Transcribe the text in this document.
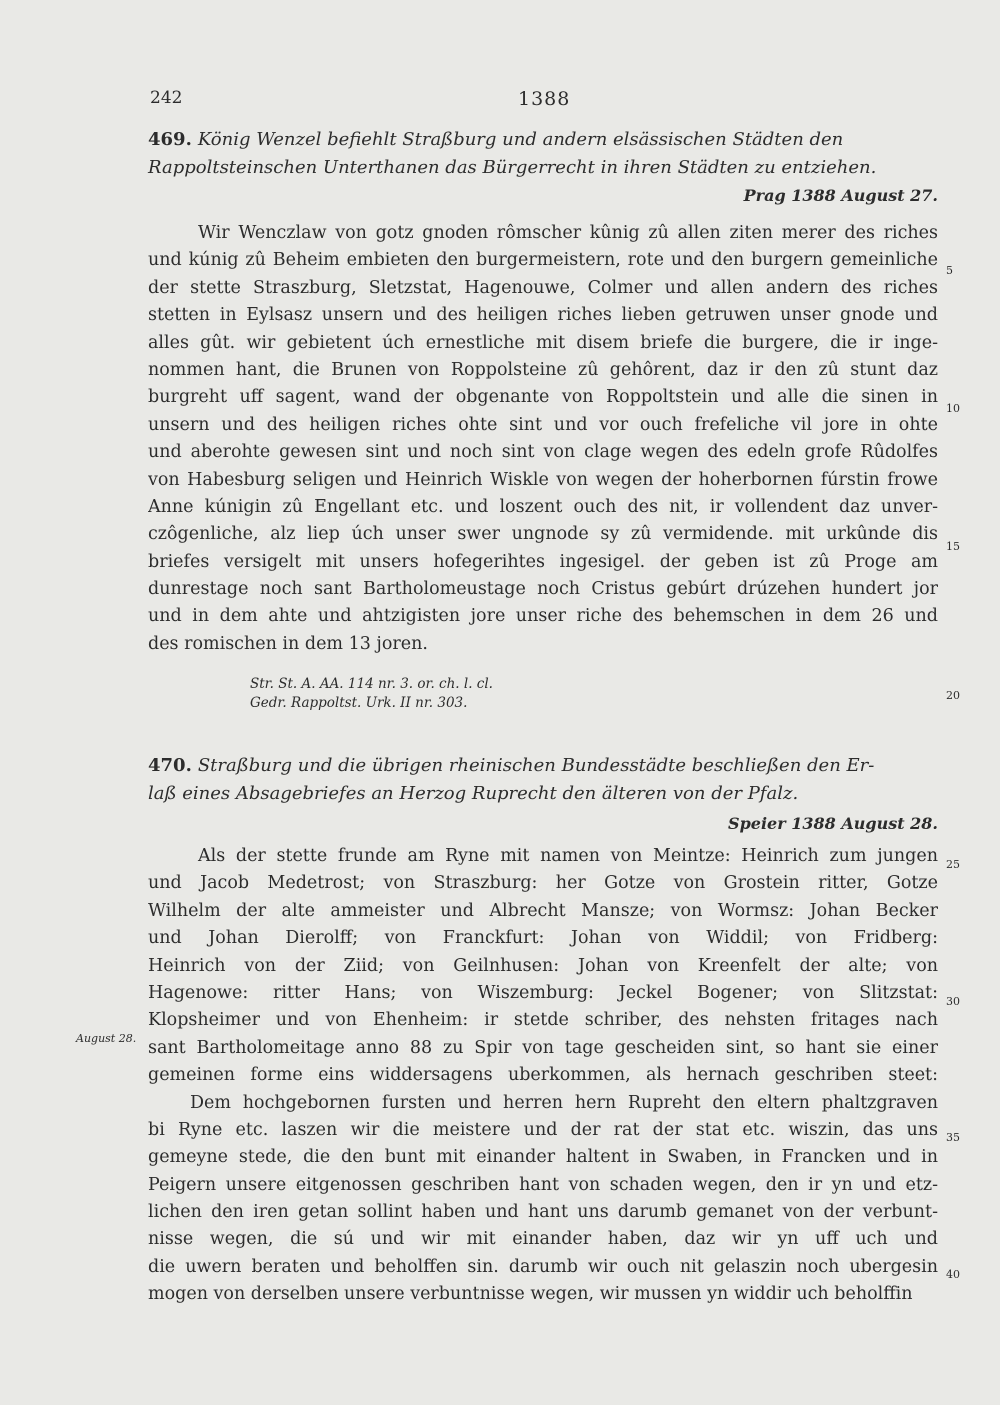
242	1388
469. König Wenzel befiehlt Straßburg und andern elsässischen Städten den
Rappoltsteinschen Unterthanen das Bürgerrecht in ihren Städten zu entziehen.
Prag 1388 August 27.
Wir Wenczlaw von gotz gnoden rômscher kûnig zû allen ziten merer des riches
und kúnig zû Beheim embieten den burgermeistern, rote und den burgern gemeinliche
der stette Straszburg, Sletzstat, Hagenouwe, Colmer und allen andern des riches
stetten in Eylsasz unsern und des heiligen riches lieben getruwen unser gnode und
alles gût. wir gebietent úch ernestliche mit disem briefe die burgere, die ir inge-
nommen hant, die Brunen von Roppolsteine zû gehôrent, daz ir den zû stunt daz
burgreht uff sagent, wand der obgenante von Roppoltstein und alle die sinen in
unsern und des heiligen riches ohte sint und vor ouch frefeliche vil jore in ohte
und aberohte gewesen sint und noch sint von clage wegen des edeln grofe Rûdolfes
von Habesburg seligen und Heinrich Wiskle von wegen der hoherbornen fúrstin frowe
Anne kúnigin zû Engellant etc. und loszent ouch des nit, ir vollendent daz unver-
czôgenliche, alz liep úch unser swer ungnode sy zû vermidende. mit urkûnde dis
briefes versigelt mit unsers hofegerihtes ingesigel. der geben ist zû Proge am
dunrestage noch sant Bartholomeustage noch Cristus gebúrt drúzehen hundert jor
und in dem ahte und ahtzigisten jore unser riche des behemschen in dem 26 und
des romischen in dem 13 joren.
Str. St. A. AA. 114 nr. 3. or. ch. l. cl.
Gedr. Rappoltst. Urk. II nr. 303.
470. Straßburg und die übrigen rheinischen Bundesstädte beschließen den Er-
laß eines Absagebriefes an Herzog Ruprecht den älteren von der Pfalz.
Speier 1388 August 28.
Als der stette frunde am Ryne mit namen von Meintze: Heinrich zum jungen
und Jacob Medetrost; von Straszburg: her Gotze von Grostein ritter, Gotze
Wilhelm der alte ammeister und Albrecht Mansze; von Wormsz: Johan Becker
und Johan Dierolff; von Franckfurt: Johan von Widdil; von Fridberg:
Heinrich von der Ziid; von Geilnhusen: Johan von Kreenfelt der alte; von
Hagenowe: ritter Hans; von Wiszemburg: Jeckel Bogener; von Slitzstat:
Klopsheimer und von Ehenheim: ir stetde schriber, des nehsten fritages nach
sant Bartholomeitage anno 88 zu Spir von tage gescheiden sint, so hant sie einer
gemeinen forme eins widdersagens uberkommen, als hernach geschriben steet:
Dem hochgebornen fursten und herren hern Rupreht den eltern phaltzgraven
bi Ryne etc. laszen wir die meistere und der rat der stat etc. wiszin, das uns
gemeyne stede, die den bunt mit einander haltent in Swaben, in Francken und in
Peigern unsere eitgenossen geschriben hant von schaden wegen, den ir yn und etz-
lichen den iren getan sollint haben und hant uns darumb gemanet von der verbunt-
nisse wegen, die sú und wir mit einander haben, daz wir yn uff uch und
die uwern beraten und beholffen sin. darumb wir ouch nit gelaszin noch ubergesin
mogen von derselben unsere verbuntnisse wegen, wir mussen yn widdir uch beholffin
August 28.
5
10
15
20
25
30
35
40
